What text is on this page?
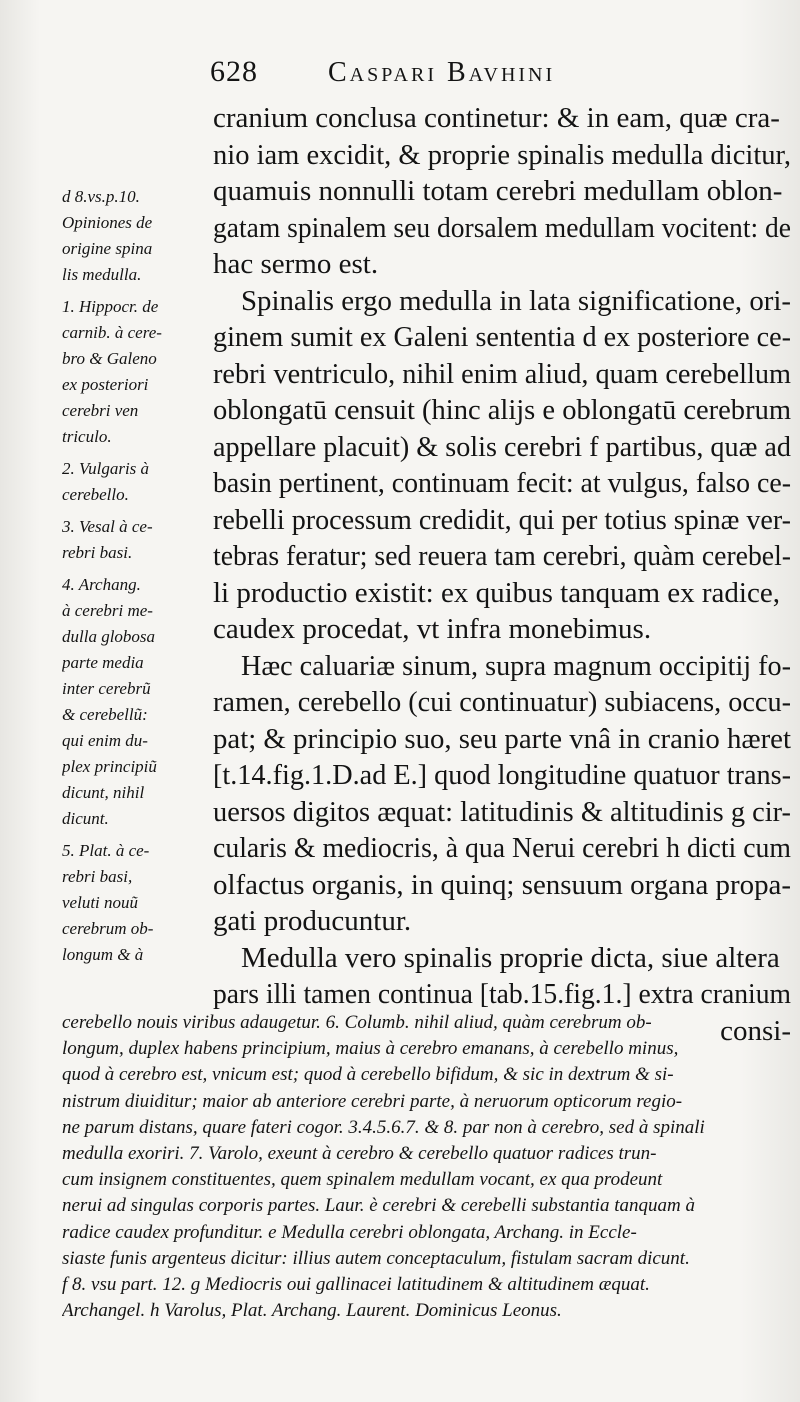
628	Caspari Bavhini
cranium conclusa continetur: & in eam, quæ cra-
nio iam excidit, & proprie spinalis medulla dicitur,
quamuis nonnulli totam cerebri medullam oblon-
gatam spinalem seu dorsalem medullam vocitent: de
hac sermo est.
Spinalis ergo medulla in lata significatione, ori-
ginem sumit ex Galeni sententia d ex posteriore ce-
rebri ventriculo, nihil enim aliud, quam cerebellum
oblongatū censuit (hinc alijs e oblongatū cerebrum
appellare placuit) & solis cerebri f partibus, quæ ad
basin pertinent, continuam fecit: at vulgus, falso ce-
rebelli processum credidit, qui per totius spinæ ver-
tebras feratur; sed reuera tam cerebri, quàm cerebel-
li productio existit: ex quibus tanquam ex radice,
caudex procedat, vt infra monebimus.
Hæc caluariæ sinum, supra magnum occipitij fo-
ramen, cerebello (cui continuatur) subiacens, occu-
pat; & principio suo, seu parte vnâ in cranio hæret
[t.14.fig.1.D.ad E.] quod longitudine quatuor trans-
uersos digitos æquat: latitudinis & altitudinis g cir-
cularis & mediocris, à qua Nerui cerebri h dicti cum
olfactus organis, in quinq; sensuum organa propa-
gati producuntur.
Medulla vero spinalis proprie dicta, siue altera
pars illi tamen continua [tab.15.fig.1.] extra cranium
consi-
d 8.vs.p.10.
Opiniones de
origine spina
lis medulla.
1. Hippocr. de
carnib. à cere-
bro & Galeno
ex posteriori
cerebri ven
triculo.
2. Vulgaris à
cerebello.
3. Vesal à ce-
rebri basi.
4. Archang.
à cerebri me-
dulla globosa
parte media
inter cerebrũ
& cerebellũ:
qui enim du-
plex principiũ
dicunt, nihil
dicunt.
5. Plat. à ce-
rebri basi,
veluti nouũ
cerebrum ob-
longum & à
cerebello nouis viribus adaugetur. 6. Columb. nihil aliud, quàm cerebrum ob-
longum, duplex habens principium, maius à cerebro emanans, à cerebello minus,
quod à cerebro est, vnicum est; quod à cerebello bifidum, & sic in dextrum & si-
nistrum diuiditur; maior ab anteriore cerebri parte, à neruorum opticorum regio-
ne parum distans, quare fateri cogor. 3.4.5.6.7. & 8. par non à cerebro, sed à spinali
medulla exoriri. 7. Varolo, exeunt à cerebro & cerebello quatuor radices trun-
cum insignem constituentes, quem spinalem medullam vocant, ex qua prodeunt
nerui ad singulas corporis partes. Laur. è cerebri & cerebelli substantia tanquam à
radice caudex profunditur. e Medulla cerebri oblongata, Archang. in Eccle-
siaste funis argenteus dicitur: illius autem conceptaculum, fistulam sacram dicunt.
f 8. vsu part. 12. g Mediocris oui gallinacei latitudinem & altitudinem æquat.
Archangel. h Varolus, Plat. Archang. Laurent. Dominicus Leonus.
